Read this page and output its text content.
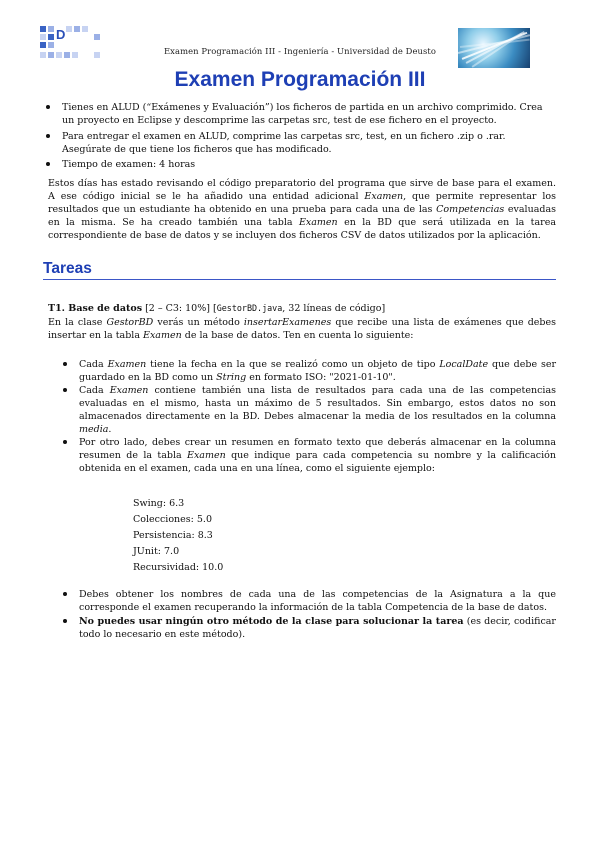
D
Examen Programación III - Ingeniería - Universidad de Deusto
Examen Programación III
Tienes en ALUD (“Exámenes y Evaluación”) los ficheros de partida en un archivo comprimido. Crea un proyecto en Eclipse y descomprime las carpetas src, test de ese fichero en el proyecto.
Para entregar el examen en ALUD, comprime las carpetas src, test, en un fichero .zip o .rar. Asegúrate de que tiene los ficheros que has modificado.
Tiempo de examen: 4 horas

Estos días has estado revisando el código preparatorio del programa que sirve de base para el examen. A ese código inicial se le ha añadido una entidad adicional Examen, que permite representar los resultados que un estudiante ha obtenido en una prueba para cada una de las Competencias evaluadas en la misma. Se ha creado también una tabla Examen en la BD que será utilizada en la tarea correspondiente de base de datos y se incluyen dos ficheros CSV de datos utilizados por la aplicación.

Tareas

T1. Base de datos [2 – C3: 10%] [GestorBD.java, 32 líneas de código]

En la clase GestorBD verás un método insertarExamenes que recibe una lista de exámenes que debes insertar en la tabla Examen de la base de datos. Ten en cuenta lo siguiente:

Cada Examen tiene la fecha en la que se realizó como un objeto de tipo LocalDate que debe ser guardado en la BD como un String en formato ISO: "2021-01-10".
Cada Examen contiene también una lista de resultados para cada una de las competencias evaluadas en el mismo, hasta un máximo de 5 resultados. Sin embargo, estos datos no son almacenados directamente en la BD. Debes almacenar la media de los resultados en la columna media.
Por otro lado, debes crear un resumen en formato texto que deberás almacenar en la columna resumen de la tabla Examen que indique para cada competencia su nombre y la calificación obtenida en el examen, cada una en una línea, como el siguiente ejemplo:
Swing: 6.3
Colecciones: 5.0
Persistencia: 8.3
JUnit: 7.0
Recursividad: 10.0
Debes obtener los nombres de cada una de las competencias de la Asignatura a la que corresponde el examen recuperando la información de la tabla Competencia de la base de datos.
No puedes usar ningún otro método de la clase para solucionar la tarea (es decir, codificar todo lo necesario en este método).
